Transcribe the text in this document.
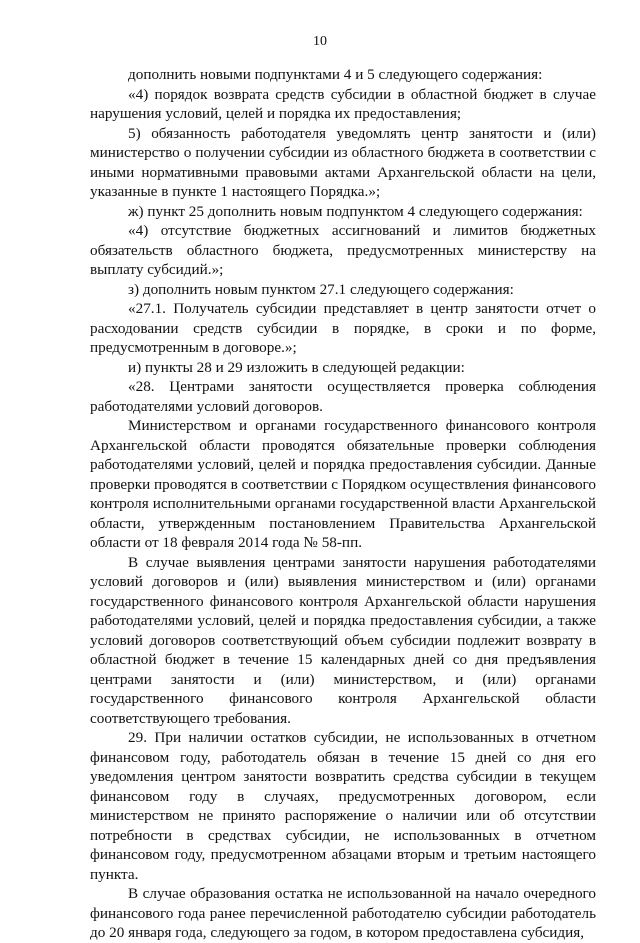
10

дополнить новыми подпунктами 4 и 5 следующего содержания:

«4) порядок возврата средств субсидии в областной бюджет в случае нарушения условий, целей и порядка их предоставления;

5) обязанность работодателя уведомлять центр занятости и (или) министерство о получении субсидии из областного бюджета в соответствии с иными нормативными правовыми актами Архангельской области на цели, указанные в пункте 1 настоящего Порядка.»;

ж) пункт 25 дополнить новым подпунктом 4 следующего содержания:

«4) отсутствие бюджетных ассигнований и лимитов бюджетных обязательств областного бюджета, предусмотренных министерству на выплату субсидий.»;

з) дополнить новым пунктом 27.1 следующего содержания:

«27.1. Получатель субсидии представляет в центр занятости отчет о расходовании средств субсидии в порядке, в сроки и по форме, предусмотренным в договоре.»;

и) пункты 28 и 29 изложить в следующей редакции:

«28. Центрами занятости осуществляется проверка соблюдения работодателями условий договоров.

Министерством и органами государственного финансового контроля Архангельской области проводятся обязательные проверки соблюдения работодателями условий, целей и порядка предоставления субсидии. Данные проверки проводятся в соответствии с Порядком осуществления финансового контроля исполнительными органами государственной власти Архангельской области, утвержденным постановлением Правительства Архангельской области от 18 февраля 2014 года № 58-пп.

В случае выявления центрами занятости нарушения работодателями условий договоров и (или) выявления министерством и (или) органами государственного финансового контроля Архангельской области нарушения работодателями условий, целей и порядка предоставления субсидии, а также условий договоров соответствующий объем субсидии подлежит возврату в областной бюджет в течение 15 календарных дней со дня предъявления центрами занятости и (или) министерством, и (или) органами государственного финансового контроля Архангельской области соответствующего требования.

29. При наличии остатков субсидии, не использованных в отчетном финансовом году, работодатель обязан в течение 15 дней со дня его уведомления центром занятости возвратить средства субсидии в текущем финансовом году в случаях, предусмотренных договором, если министерством не принято распоряжение о наличии или об отсутствии потребности в средствах субсидии, не использованных в отчетном финансовом году, предусмотренном абзацами вторым и третьим настоящего пункта.

В случае образования остатка не использованной на начало очередного финансового года ранее перечисленной работодателю субсидии работодатель до 20 января года, следующего за годом, в котором предоставлена субсидия,
